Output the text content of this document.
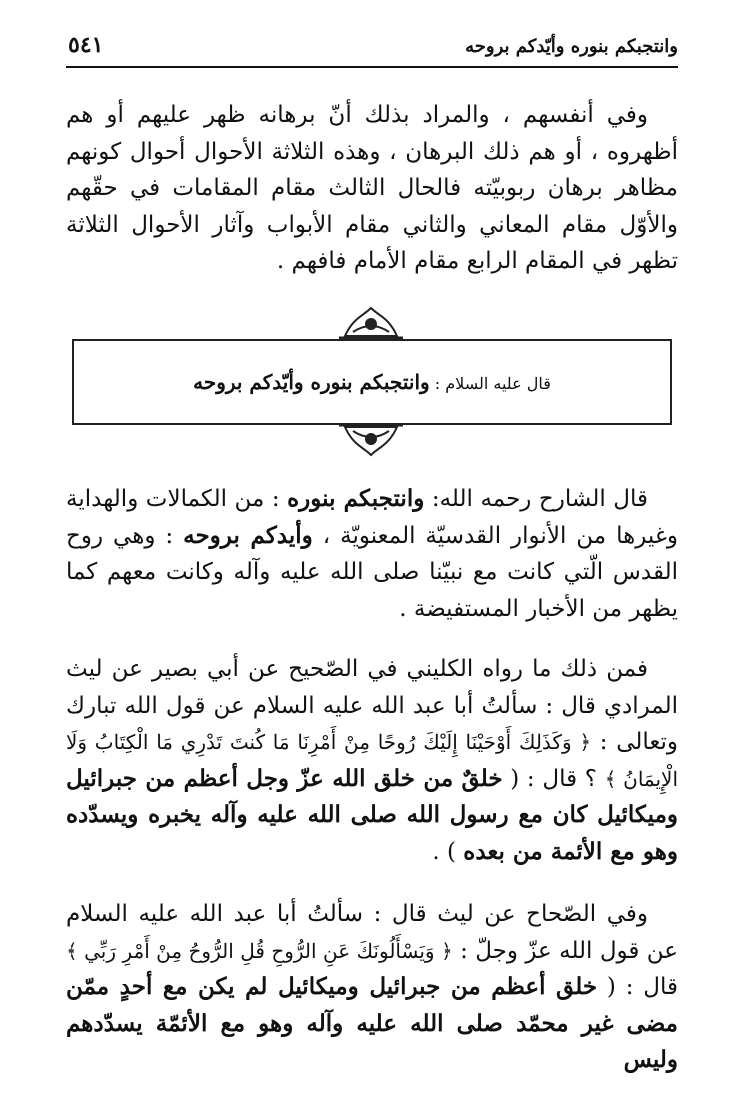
٥٤١	وانتجبكم بنوره وأيّدكم بروحه

وفي أنفسهم ، والمراد بذلك أنّ برهانه ظهر عليهم أو هم أظهروه ، أو هم ذلك البرهان ، وهذه الثلاثة الأحوال أحوال كونهم مظاهر برهان ربوبيّته فالحال الثالث مقام المقامات في حقّهم والأوّل مقام المعاني والثاني مقام الأبواب وآثار الأحوال الثلاثة تظهر في المقام الرابع مقام الأمام فافهم .

قال عليه السلام : وانتجبكم بنوره وأيّدكم بروحه

قال الشارح رحمه الله: وانتجبكم بنوره : من الكمالات والهداية وغيرها من الأنوار القدسيّة المعنويّة ، وأيدكم بروحه : وهي روح القدس الّتي كانت مع نبيّنا صلى الله عليه وآله وكانت معهم كما يظهر من الأخبار المستفيضة .

فمن ذلك ما رواه الكليني في الصّحيح عن أبي بصير عن ليث المرادي قال : سألتُ أبا عبد الله عليه السلام عن قول الله تبارك وتعالى : ﴿ وَكَذَلِكَ أَوْحَيْنَا إِلَيْكَ رُوحًا مِنْ أَمْرِنَا مَا كُنتَ تَدْرِي مَا الْكِتَابُ وَلَا الْإِيمَانُ ﴾ ؟ قال : ( خلقٌ من خلق الله عزّ وجل أعظم من جبرائيل وميكائيل كان مع رسول الله صلى الله عليه وآله يخبره ويسدّده وهو مع الأئمة من بعده ) .

وفي الصّحاح عن ليث قال : سألتُ أبا عبد الله عليه السلام عن قول الله عزّ وجلّ : ﴿ وَيَسْأَلُونَكَ عَنِ الرُّوحِ قُلِ الرُّوحُ مِنْ أَمْرِ رَبِّي ﴾ قال : ( خلق أعظم من جبرائيل وميكائيل لم يكن مع أحدٍ ممّن مضى غير محمّد صلى الله عليه وآله وهو مع الأئمّة يسدّدهم وليس
